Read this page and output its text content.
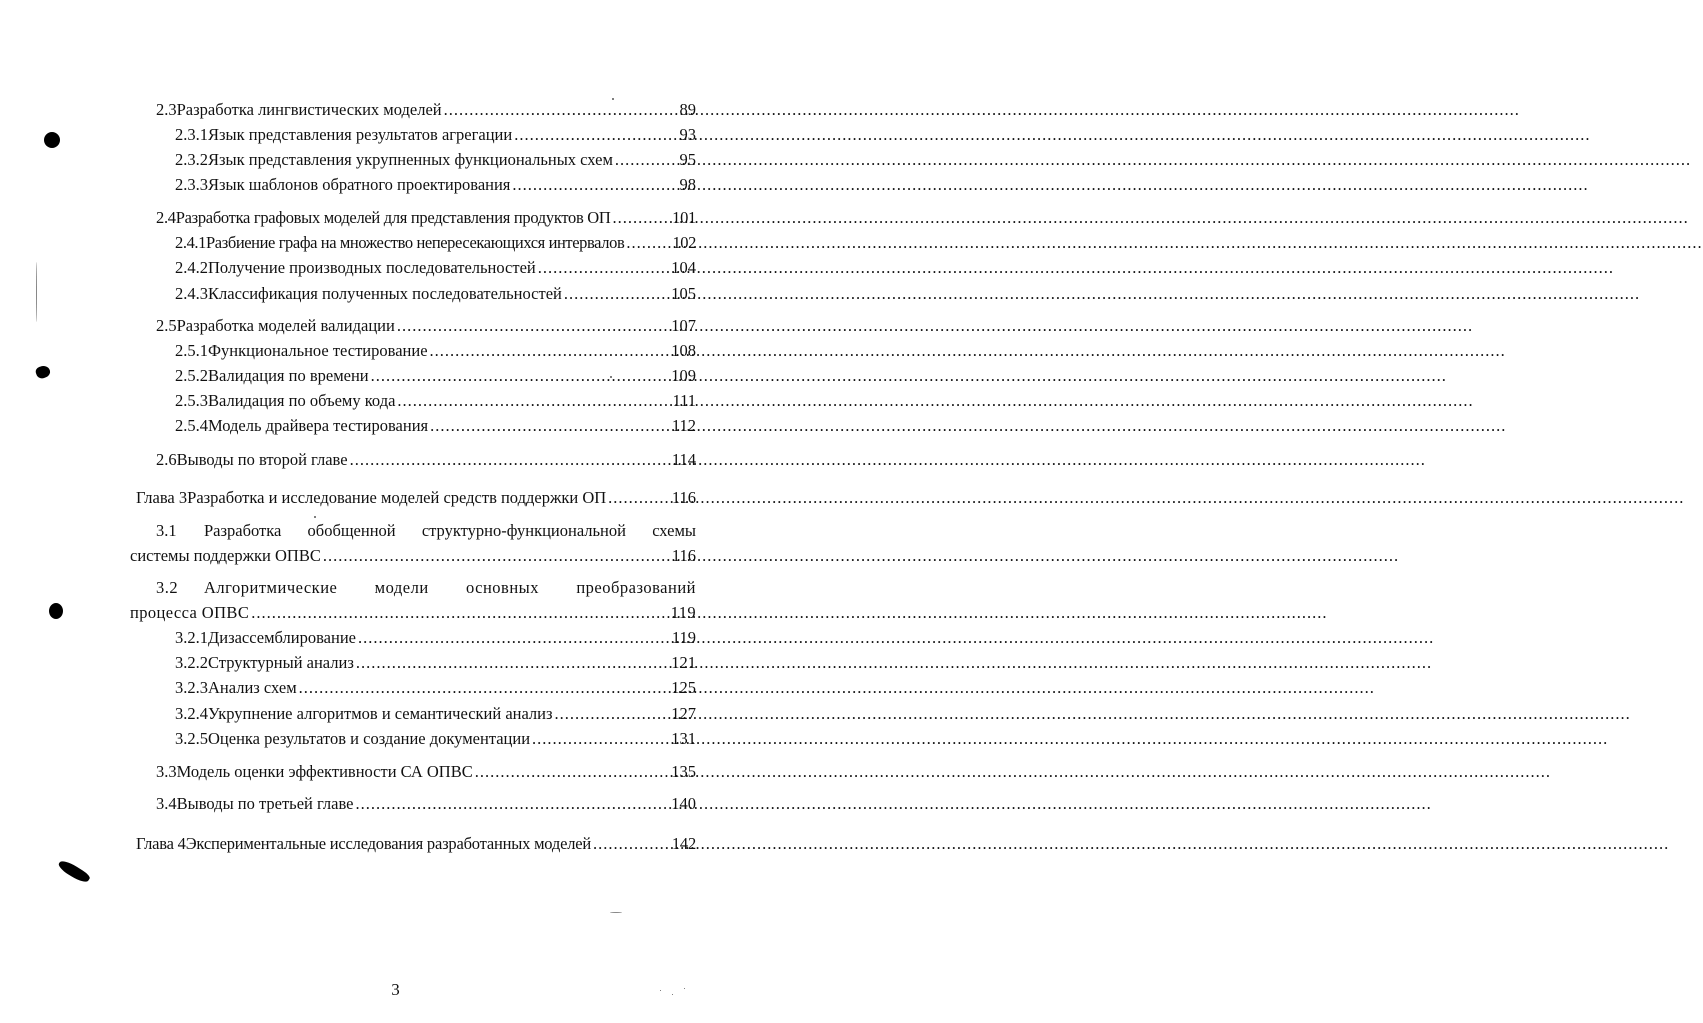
2.3 Разработка лингвистических моделей .....	89
2.3.1 Язык представления результатов агрегации .....	93
2.3.2 Язык представления укрупненных функциональных схем .....	95
2.3.3 Язык шаблонов обратного проектирования .....	98
2.4 Разработка графовых моделей для представления продуктов ОП .....	101
2.4.1 Разбиение графа на множество непересекающихся интервалов .....	102
2.4.2 Получение производных последовательностей .....	104
2.4.3 Классификация полученных последовательностей .....	105
2.5 Разработка моделей валидации .....	107
2.5.1 Функциональное тестирование .....	108
2.5.2 Валидация по времени .....	109
2.5.3 Валидация по объему кода .....	111
2.5.4 Модель драйвера тестирования .....	112
2.6 Выводы по второй главе .....	114
Глава 3 Разработка и исследование моделей средств поддержки ОП .....	116
3.1 Разработка обобщенной структурно-функциональной схемы
системы поддержки ОПВС .....	116
3.2 Алгоритмические модели основных преобразований
процесса ОПВС .....	119
3.2.1 Дизассемблирование .....	119
3.2.2 Структурный анализ .....	121
3.2.3 Анализ схем .....	125
3.2.4 Укрупнение алгоритмов и семантический анализ .....	127
3.2.5 Оценка результатов и создание документации .....	131
3.3 Модель оценки эффективности СА ОПВС .....	135
3.4 Выводы по третьей главе .....	140
Глава 4 Экспериментальные исследования разработанных моделей .....	142
3
